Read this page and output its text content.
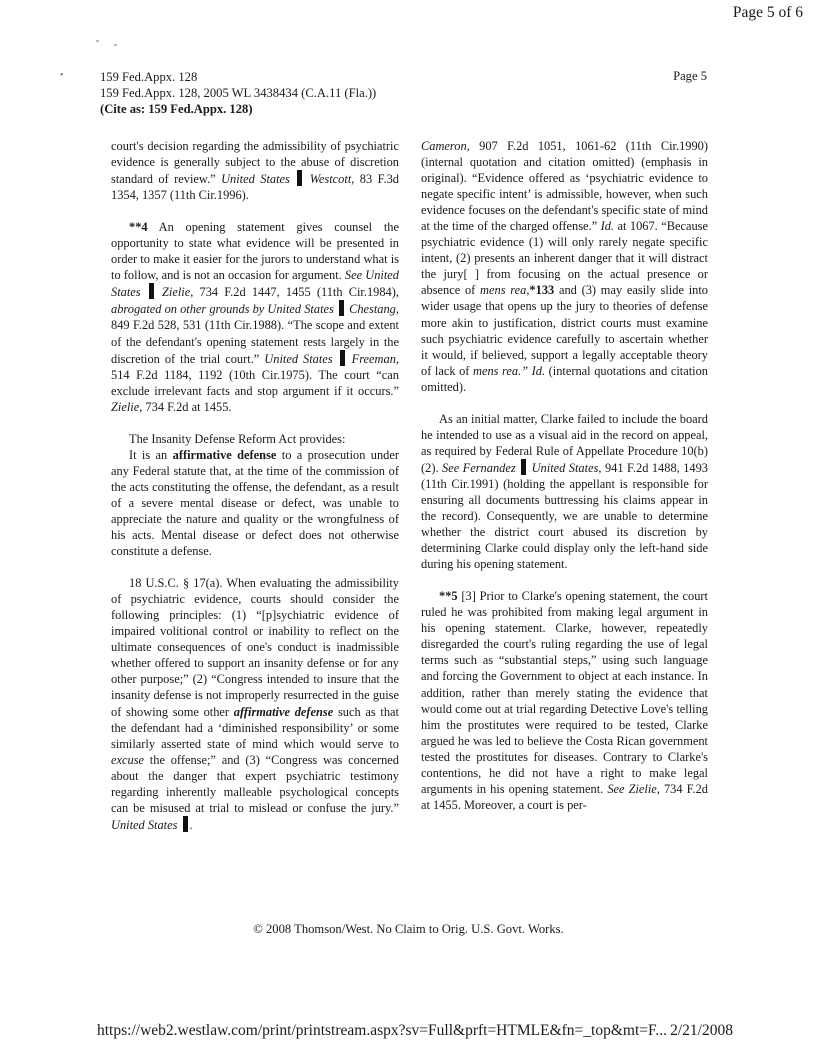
Page 5 of 6
•	159 Fed.Appx. 128
159 Fed.Appx. 128, 2005 WL 3438434 (C.A.11 (Fla.))
(Cite as: 159 Fed.Appx. 128)
Page 5

court's decision regarding the admissibility of psychiatric evidence is generally subject to the abuse of discretion standard of review.” United States Westcott, 83 F.3d 1354, 1357 (11th Cir.1996).

**4 An opening statement gives counsel the opportunity to state what evidence will be presented in order to make it easier for the jurors to understand what is to follow, and is not an occasion for argument. See United States Zielie, 734 F.2d 1447, 1455 (11th Cir.1984), abrogated on other grounds by United States Chestang, 849 F.2d 528, 531 (11th Cir.1988). “The scope and extent of the defendant's opening statement rests largely in the discretion of the trial court.” United States Freeman, 514 F.2d 1184, 1192 (10th Cir.1975). The court “can exclude irrelevant facts and stop argument if it occurs.” Zielie, 734 F.2d at 1455.

The Insanity Defense Reform Act provides:

It is an affirmative defense to a prosecution under any Federal statute that, at the time of the commission of the acts constituting the offense, the defendant, as a result of a severe mental disease or defect, was unable to appreciate the nature and quality or the wrongfulness of his acts. Mental disease or defect does not otherwise constitute a defense.

18 U.S.C. § 17(a). When evaluating the admissibility of psychiatric evidence, courts should consider the following principles: (1) “[p]sychiatric evidence of impaired volitional control or inability to reflect on the ultimate consequences of one's conduct is inadmissible whether offered to support an insanity defense or for any other purpose;” (2) “Congress intended to insure that the insanity defense is not improperly resurrected in the guise of showing some other affirmative defense such as that the defendant had a ‘diminished responsibility’ or some similarly asserted state of mind which would serve to excuse the offense;” and (3) “Congress was concerned about the danger that expert psychiatric testimony regarding inherently malleable psychological concepts can be misused at trial to mislead or confuse the jury.” United States .

Cameron, 907 F.2d 1051, 1061-62 (11th Cir.1990) (internal quotation and citation omitted) (emphasis in original). “Evidence offered as ‘psychiatric evidence to negate specific intent’ is admissible, however, when such evidence focuses on the defendant's specific state of mind at the time of the charged offense.” Id. at 1067. “Because psychiatric evidence (1) will only rarely negate specific intent, (2) presents an inherent danger that it will distract the jury[ ] from focusing on the actual presence or absence of mens rea,*133 and (3) may easily slide into wider usage that opens up the jury to theories of defense more akin to justification, district courts must examine such psychiatric evidence carefully to ascertain whether it would, if believed, support a legally acceptable theory of lack of mens rea.” Id. (internal quotations and citation omitted).

As an initial matter, Clarke failed to include the board he intended to use as a visual aid in the record on appeal, as required by Federal Rule of Appellate Procedure 10(b)(2). See Fernandez United States, 941 F.2d 1488, 1493 (11th Cir.1991) (holding the appellant is responsible for ensuring all documents buttressing his claims appear in the record). Consequently, we are unable to determine whether the district court abused its discretion by determining Clarke could display only the left-hand side during his opening statement.

**5 [3] Prior to Clarke's opening statement, the court ruled he was prohibited from making legal argument in his opening statement. Clarke, however, repeatedly disregarded the court's ruling regarding the use of legal terms such as “substantial steps,” using such language and forcing the Government to object at each instance. In addition, rather than merely stating the evidence that would come out at trial regarding Detective Love's telling him the prostitutes were required to be tested, Clarke argued he was led to believe the Costa Rican government tested the prostitutes for diseases. Contrary to Clarke's contentions, he did not have a right to make legal arguments in his opening statement. See Zielie, 734 F.2d at 1455. Moreover, a court is per-

© 2008 Thomson/West. No Claim to Orig. U.S. Govt. Works.
https://web2.westlaw.com/print/printstream.aspx?sv=Full&prft=HTMLE&fn=_top&mt=F... 2/21/2008
